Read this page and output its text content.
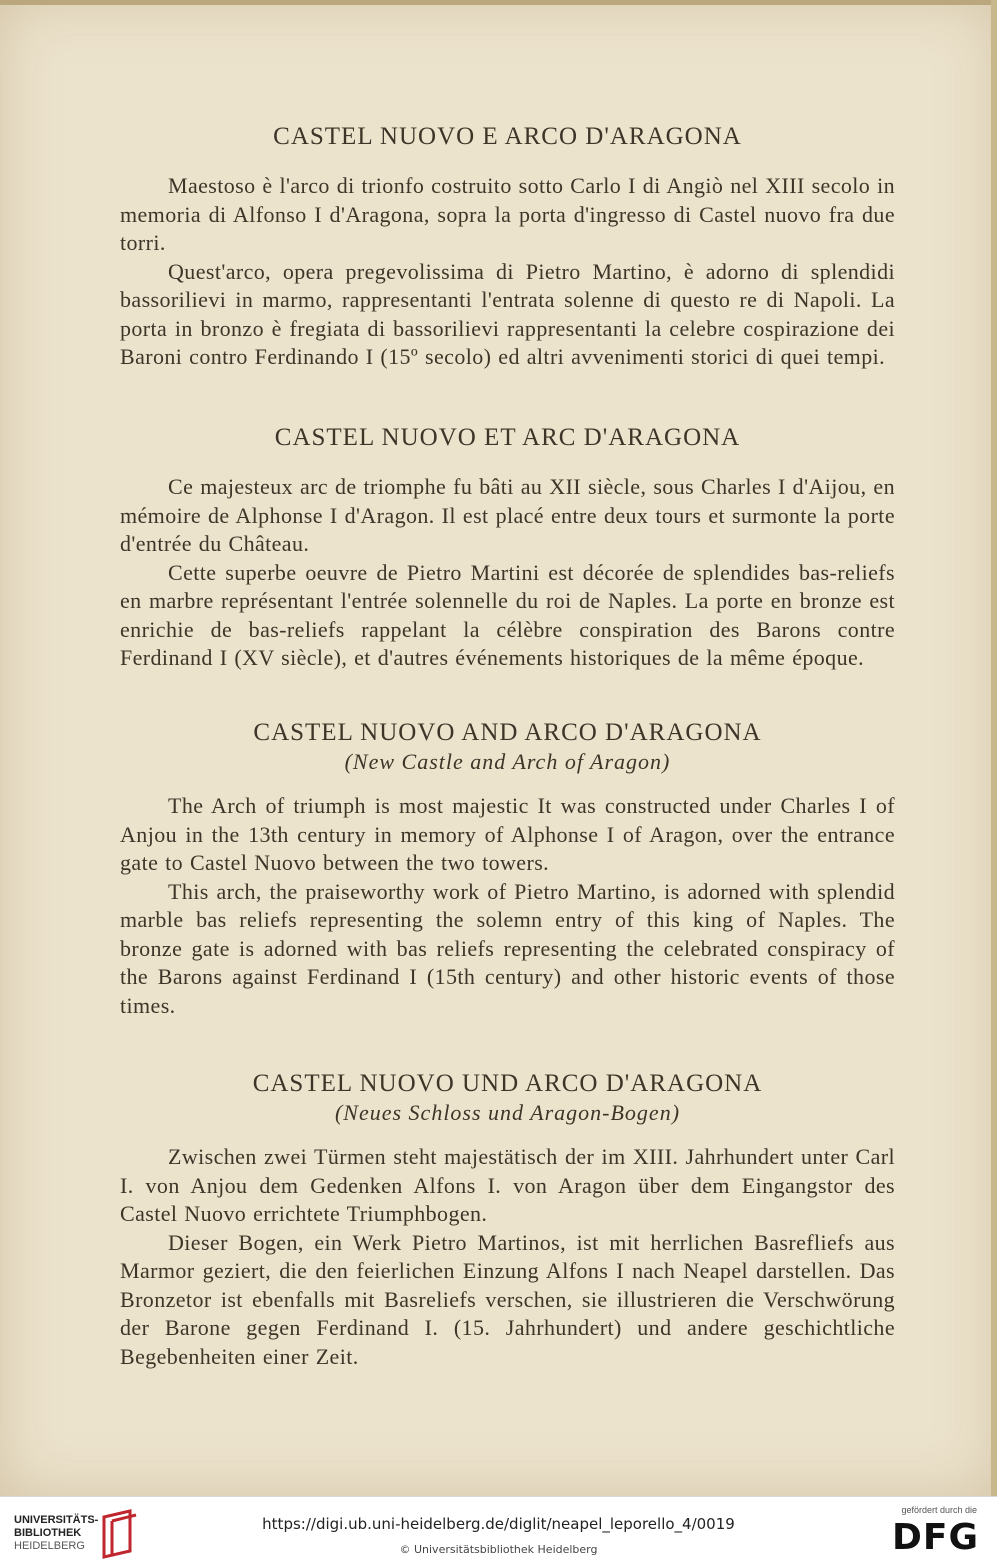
CASTEL NUOVO E ARCO D'ARAGONA

Maestoso è l'arco di trionfo costruito sotto Carlo I di Angiò nel XIII secolo in memoria di Alfonso I d'Aragona, sopra la porta d'ingresso di Castel nuovo fra due torri.

Quest'arco, opera pregevolissima di Pietro Martino, è adorno di splendidi bassorilievi in marmo, rappresentanti l'entrata solenne di questo re di Napoli. La porta in bronzo è fregiata di bassorilievi rappresentanti la celebre cospirazione dei Baroni contro Ferdinando I (15º secolo) ed altri avvenimenti storici di quei tempi.

CASTEL NUOVO ET ARC D'ARAGONA

Ce majesteux arc de triomphe fu bâti au XII siècle, sous Charles I d'Aijou, en mémoire de Alphonse I d'Aragon. Il est placé entre deux tours et surmonte la porte d'entrée du Château.

Cette superbe oeuvre de Pietro Martini est décorée de splendides bas-reliefs en marbre représentant l'entrée solennelle du roi de Naples. La porte en bronze est enrichie de bas-reliefs rappelant la célèbre conspiration des Barons contre Ferdinand I (XV siècle), et d'autres événements historiques de la même époque.

CASTEL NUOVO AND ARCO D'ARAGONA
(New Castle and Arch of Aragon)

The Arch of triumph is most majestic It was constructed under Charles I of Anjou in the 13th century in memory of Alphonse I of Aragon, over the entrance gate to Castel Nuovo between the two towers.

This arch, the praiseworthy work of Pietro Martino, is adorned with splendid marble bas reliefs representing the solemn entry of this king of Naples. The bronze gate is adorned with bas reliefs representing the celebrated conspiracy of the Barons against Ferdinand I (15th century) and other historic events of those times.

CASTEL NUOVO UND ARCO D'ARAGONA
(Neues Schloss und Aragon-Bogen)

Zwischen zwei Türmen steht majestätisch der im XIII. Jahrhundert unter Carl I. von Anjou dem Gedenken Alfons I. von Aragon über dem Eingangstor des Castel Nuovo errichtete Triumphbogen.

Dieser Bogen, ein Werk Pietro Martinos, ist mit herrlichen Basrefliefs aus Marmor geziert, die den feierlichen Einzung Alfons I nach Neapel darstellen. Das Bronzetor ist ebenfalls mit Basreliefs verschen, sie illustrieren die Verschwörung der Barone gegen Ferdinand I. (15. Jahrhundert) und andere geschichtliche Begebenheiten einer Zeit.

UNIVERSITÄTS-
BIBLIOTHEK
HEIDELBERG
https://digi.ub.uni-heidelberg.de/diglit/neapel_leporello_4/0019
© Universitätsbibliothek Heidelberg
gefördert durch die
DFG
